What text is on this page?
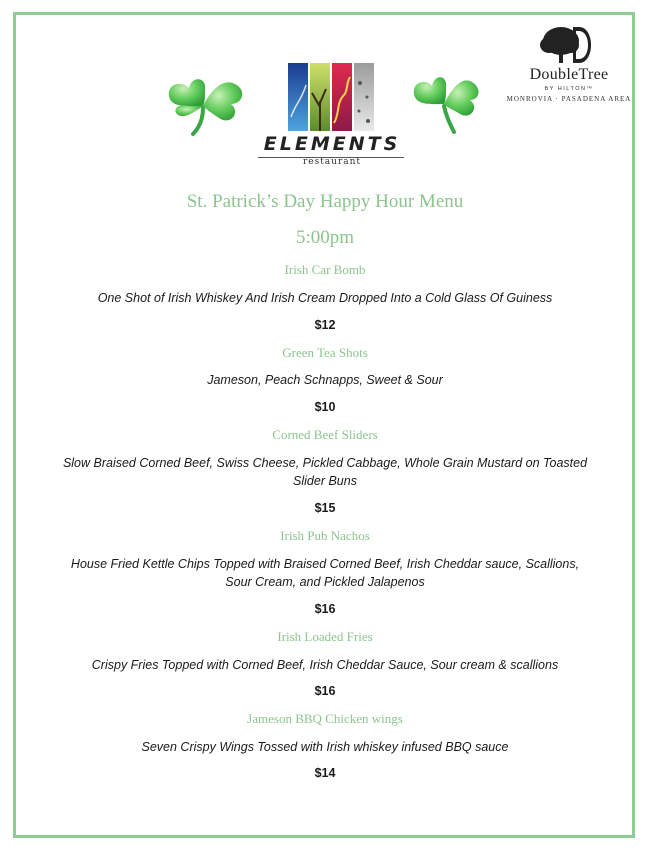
ELEMENTS
restaurant
DoubleTree
BY HILTON™
MONROVIA · PASADENA AREA
St. Patrick’s Day Happy Hour Menu
5:00pm
Irish Car Bomb
One Shot of Irish Whiskey And Irish Cream Dropped Into a Cold Glass Of Guiness
$12
Green Tea Shots
Jameson, Peach Schnapps, Sweet & Sour
$10
Corned Beef Sliders
Slow Braised Corned Beef, Swiss Cheese, Pickled Cabbage, Whole Grain Mustard on Toasted Slider Buns
$15
Irish Pub Nachos
House Fried Kettle Chips Topped with Braised Corned Beef, Irish Cheddar sauce, Scallions, Sour Cream, and Pickled Jalapenos
$16
Irish Loaded Fries
Crispy Fries Topped with Corned Beef, Irish Cheddar Sauce, Sour cream & scallions
$16
Jameson BBQ Chicken wings
Seven Crispy Wings Tossed with Irish whiskey infused BBQ sauce
$14
